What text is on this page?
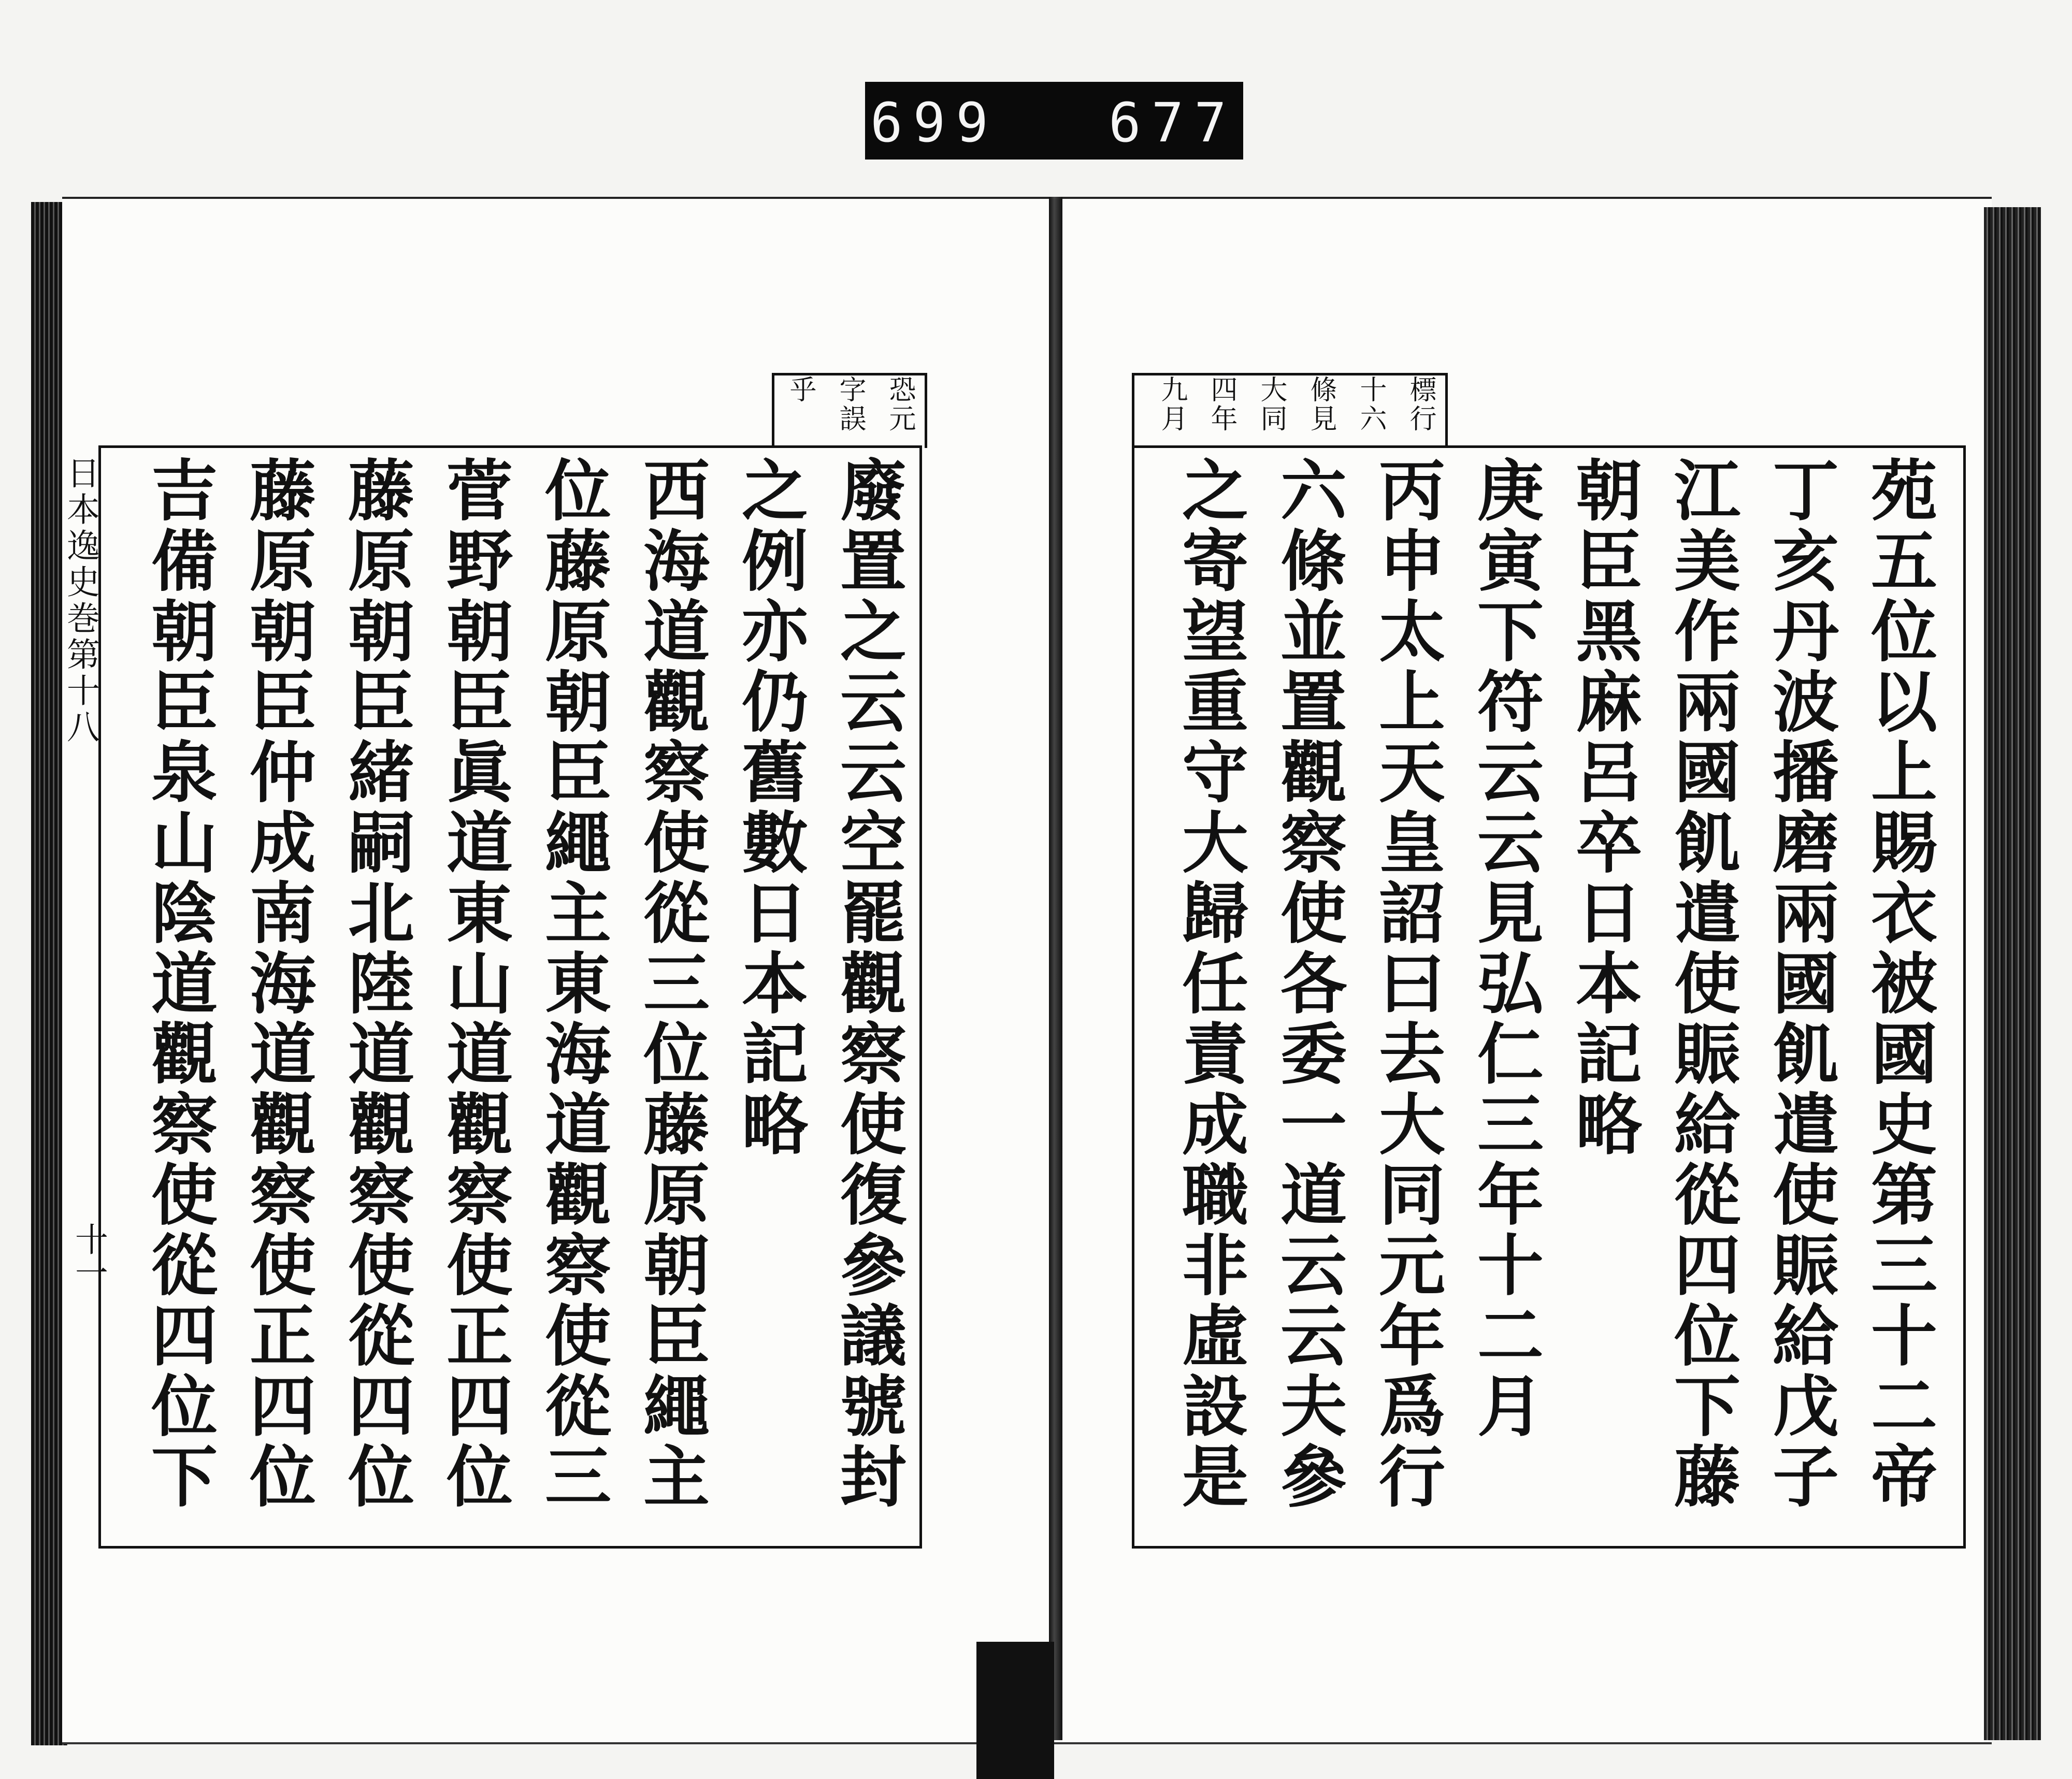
699 677
日本逸史巻第十八
十一
恐元
字誤
乎
廢置之云云空罷觀察使復參議號封
之例亦仍舊數日本記略
西海道觀察使從三位藤原朝臣繩主
位藤原朝臣繩主東海道觀察使從三
菅野朝臣眞道東山道觀察使正四位
藤原朝臣緒嗣北陸道觀察使從四位
藤原朝臣仲成南海道觀察使正四位
吉備朝臣泉山陰道觀察使從四位下
標行
十六
條見
大同
四年
九月
苑五位以上賜衣被國史第三十二帝
丁亥丹波播磨兩國飢遣使賑給戊子
江美作兩國飢遣使賑給從四位下藤
朝臣黑麻呂卒日本記略
庚寅下符云云見弘仁三年十二月
丙申太上天皇詔曰去大同元年爲行
六條並置觀察使各委一道云云夫參
之寄望重守大歸任責成職非虛設是
